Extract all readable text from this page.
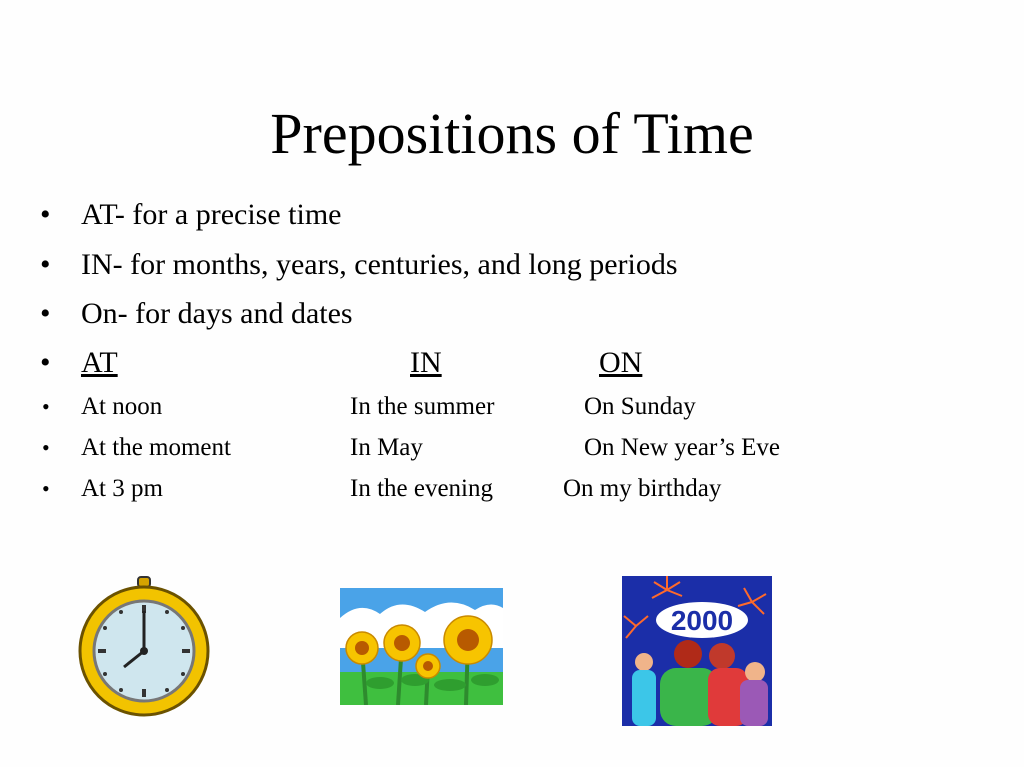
Prepositions of Time
• AT- for a precise time
• IN- for months, years, centuries, and long periods
• On- for days and dates
• AT	IN	ON
• At noon	In the summer	On Sunday
• At the moment	In May	On New year’s Eve
• At 3 pm	In the evening	On my birthday
2000
